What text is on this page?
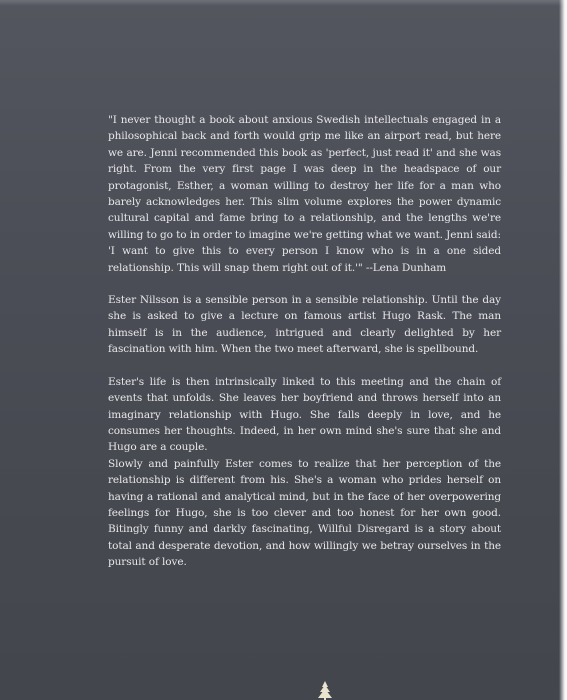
"I never thought a book about anxious Swedish intellectuals engaged in a philosophical back and forth would grip me like an airport read, but here we are. Jenni recommended this book as 'perfect, just read it' and she was right. From the very first page I was deep in the headspace of our protagonist, Esther, a woman willing to destroy her life for a man who barely acknowledges her. This slim volume explores the power dynamic cultural capital and fame bring to a relationship, and the lengths we're willing to go to in order to imagine we're getting what we want. Jenni said: 'I want to give this to every person I know who is in a one sided relationship. This will snap them right out of it.'" --Lena Dunham

Ester Nilsson is a sensible person in a sensible relationship. Until the day she is asked to give a lecture on famous artist Hugo Rask. The man himself is in the audience, intrigued and clearly delighted by her fascination with him. When the two meet afterward, she is spellbound.

Ester's life is then intrinsically linked to this meeting and the chain of events that unfolds. She leaves her boyfriend and throws herself into an imaginary relationship with Hugo. She falls deeply in love, and he consumes her thoughts. Indeed, in her own mind she's sure that she and Hugo are a couple.

Slowly and painfully Ester comes to realize that her perception of the relationship is different from his. She's a woman who prides herself on having a rational and analytical mind, but in the face of her overpowering feelings for Hugo, she is too clever and too honest for her own good. Bitingly funny and darkly fascinating, Willful Disregard is a story about total and desperate devotion, and how willingly we betray ourselves in the pursuit of love.
